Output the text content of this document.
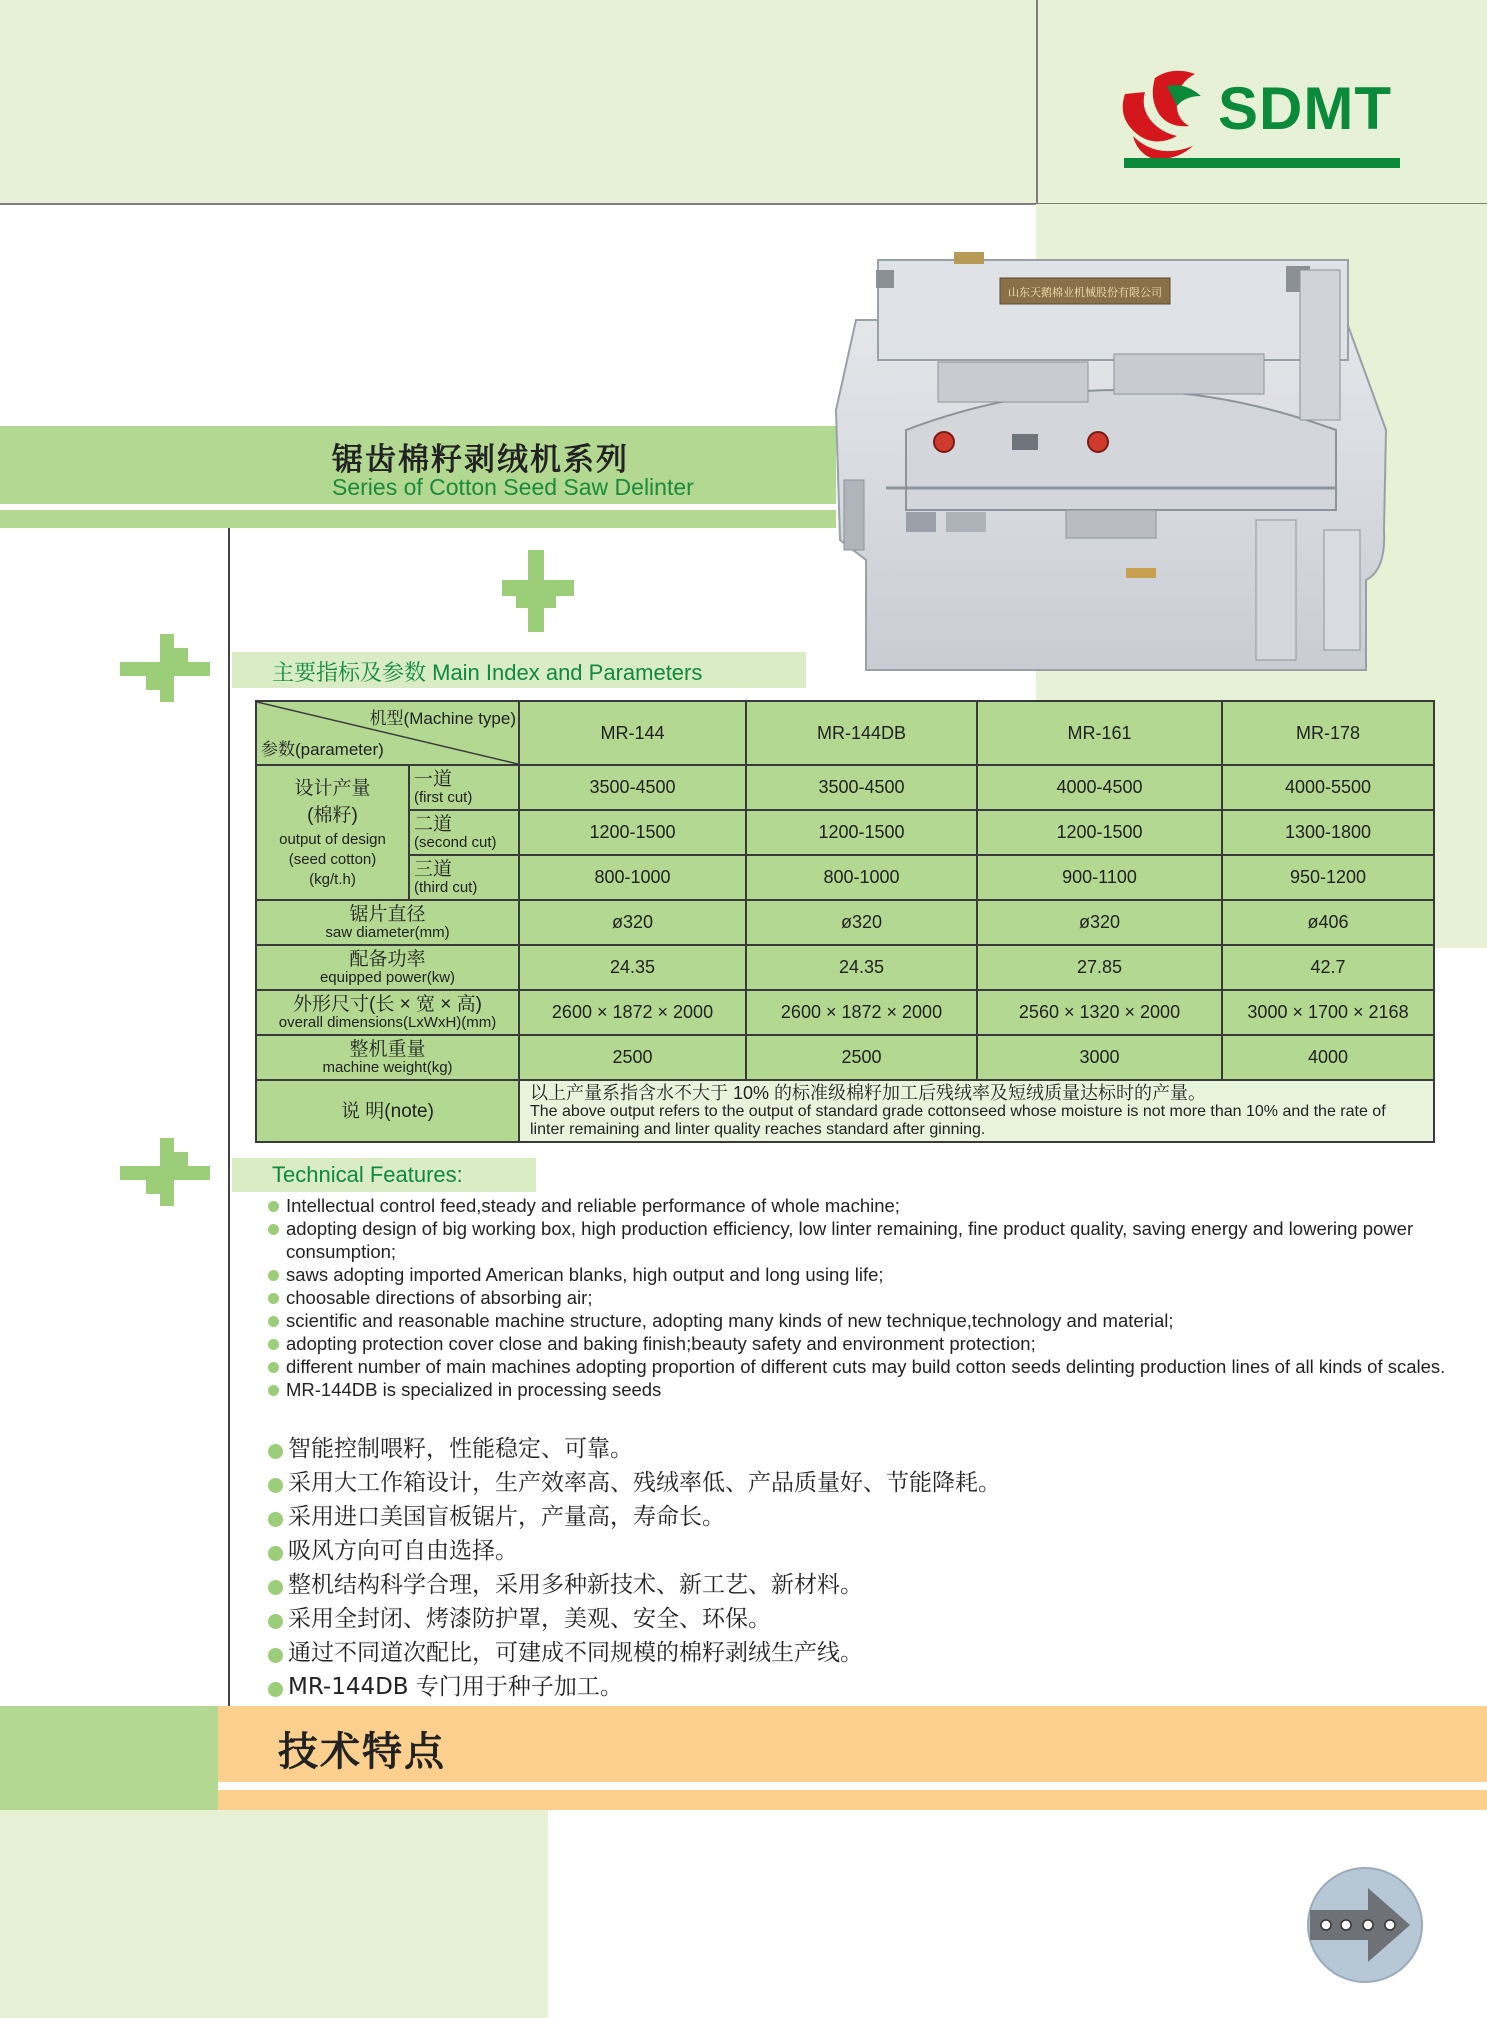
SDMT
山东天鹅棉业机械股份有限公司
锯齿棉籽剥绒机系列
Series of Cotton Seed Saw Delinter
主要指标及参数 Main Index and Parameters
机型(Machine type)
参数(parameter)		MR-144	MR-144DB	MR-161	MR-178

设计产量
(棉籽)
output of design
(seed cotton)
(kg/t.h)	一道
(first cut)	3500-4500	3500-4500	4000-4500	4000-5500

	二道
(second cut)	1200-1500	1200-1500	1200-1500	1300-1800

	三道
(third cut)	800-1000	800-1000	900-1100	950-1200

锯片直径
saw diameter(mm)		ø320	ø320	ø320	ø406

配备功率
equipped power(kw)		24.35	24.35	27.85	42.7

外形尺寸(长 × 宽 × 高)
overall dimensions(LxWxH)(mm)		2600 × 1872 × 2000	2600 × 1872 × 2000	2560 × 1320 × 2000	3000 × 1700 × 2168

整机重量
machine weight(kg)		2500	2500	3000	4000

说 明(note)		以上产量系指含水不大于 10% 的标准级棉籽加工后残绒率及短绒质量达标时的产量。
The above output refers to the output of standard grade cottonseed whose moisture is not more than 10% and the rate of linter remaining and linter quality reaches standard after ginning.			
Technical Features:
Intellectual control feed,steady and reliable performance of whole machine;
adopting design of big working box, high production efficiency, low linter remaining, fine product quality, saving energy and lowering power consumption;
saws adopting imported American blanks, high output and long using life;
choosable directions of absorbing air;
scientific and reasonable machine structure, adopting many kinds of new technique,technology and material;
adopting protection cover close and baking finish;beauty safety and environment protection;
different number of main machines adopting proportion of different cuts may build cotton seeds delinting production lines of all kinds of scales.
MR-144DB is specialized in processing seeds
智能控制喂籽，性能稳定、可靠。
采用大工作箱设计，生产效率高、残绒率低、产品质量好、节能降耗。
采用进口美国盲板锯片，产量高，寿命长。
吸风方向可自由选择。
整机结构科学合理，采用多种新技术、新工艺、新材料。
采用全封闭、烤漆防护罩，美观、安全、环保。
通过不同道次配比，可建成不同规模的棉籽剥绒生产线。
MR-144DB 专门用于种子加工。
技术特点
